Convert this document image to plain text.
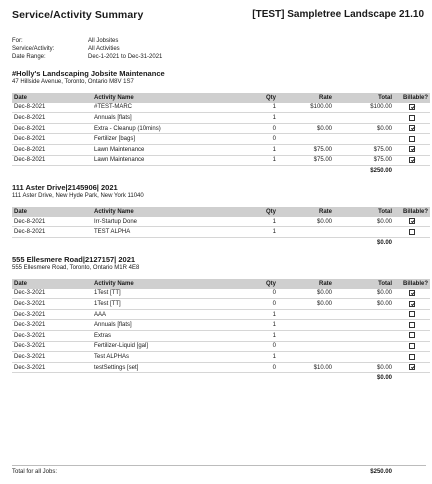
Service/Activity Summary	[TEST] Sampletree Landscape 21.10
For:	All Jobsites
Service/Activity:	All Activities
Date Range:	Dec-1-2021 to Dec-31-2021
#Holly's Landscaping Jobsite Maintenance
47 Hillside Avenue, Toronto, Ontario M8V 1S7
Date	Activity Name	Qty	Rate	Total	Billable?
Dec-8-2021	#TEST-MARC	1	$100.00	$100.00	
Dec-8-2021	Annuals [flats]	1			
Dec-8-2021	Extra - Cleanup (10mins)	0	$0.00	$0.00	
Dec-8-2021	Fertilizer [bags]	0			
Dec-8-2021	Lawn Maintenance	1	$75.00	$75.00	
Dec-8-2021	Lawn Maintenance	1	$75.00	$75.00	
				$250.00	
111 Aster Drive|2145906| 2021
111 Aster Drive, New Hyde Park, New York 11040
Date	Activity Name	Qty	Rate	Total	Billable?
Dec-8-2021	Irr-Startup Done	1	$0.00	$0.00	
Dec-8-2021	TEST ALPHA	1			
				$0.00	
555 Ellesmere Road|2127157| 2021
555 Ellesmere Road, Toronto, Ontario M1R 4E8
Date	Activity Name	Qty	Rate	Total	Billable?
Dec-3-2021	1Test [TT]	0	$0.00	$0.00	
Dec-3-2021	1Test [TT]	0	$0.00	$0.00	
Dec-3-2021	AAA	1			
Dec-3-2021	Annuals [flats]	1			
Dec-3-2021	Extras	1			
Dec-3-2021	Fertilizer-Liquid [gal]	0			
Dec-3-2021	Test ALPHAs	1			
Dec-3-2021	testSettings [set]	0	$10.00	$0.00	
				$0.00	
Total for all Jobs:	$250.00
